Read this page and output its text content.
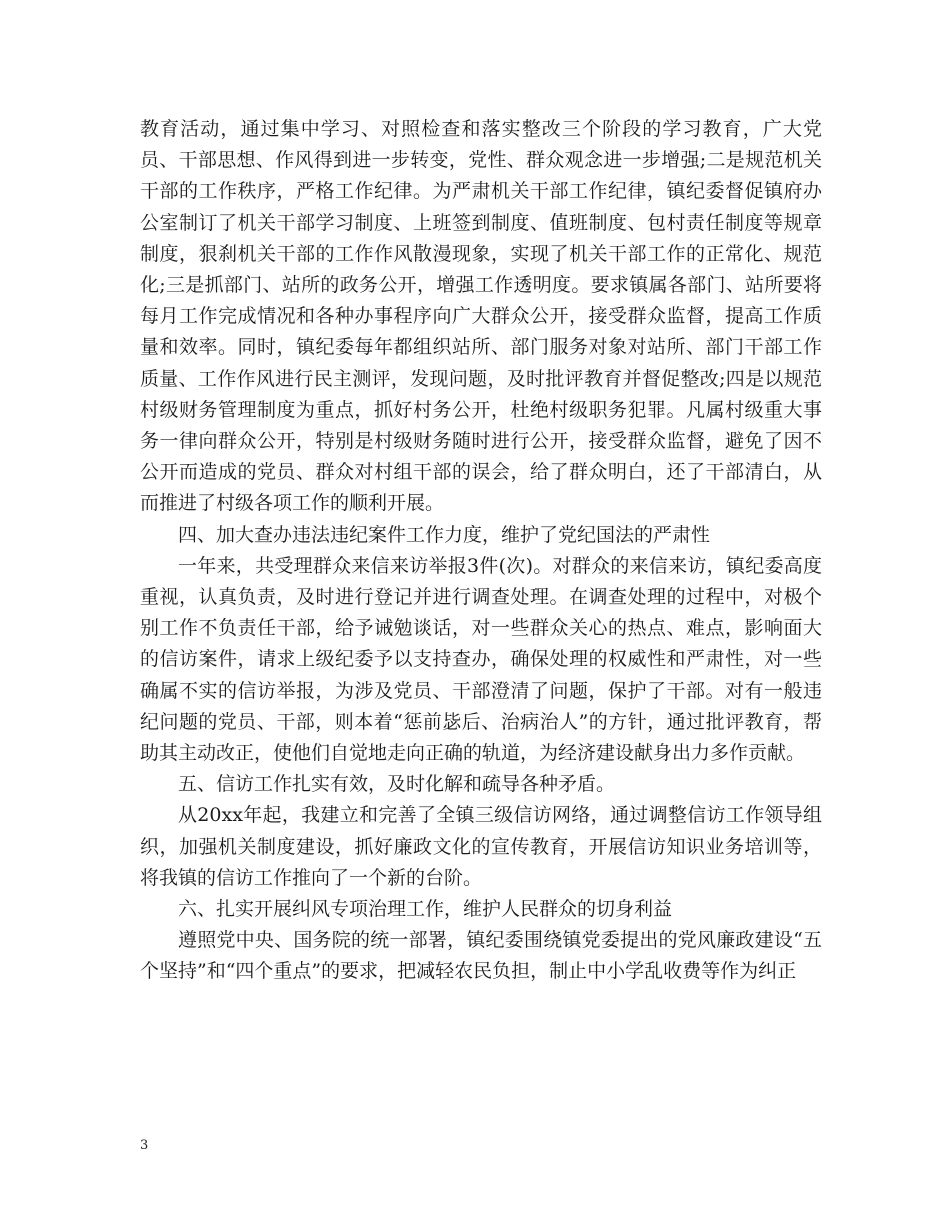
教育活动，通过集中学习、对照检查和落实整改三个阶段的学习教育，广大党员、干部思想、作风得到进一步转变，党性、群众观念进一步增强;二是规范机关干部的工作秩序，严格工作纪律。为严肃机关干部工作纪律，镇纪委督促镇府办公室制订了机关干部学习制度、上班签到制度、值班制度、包村责任制度等规章制度，狠刹机关干部的工作作风散漫现象，实现了机关干部工作的正常化、规范化;三是抓部门、站所的政务公开，增强工作透明度。要求镇属各部门、站所要将每月工作完成情况和各种办事程序向广大群众公开，接受群众监督，提高工作质量和效率。同时，镇纪委每年都组织站所、部门服务对象对站所、部门干部工作质量、工作作风进行民主测评，发现问题，及时批评教育并督促整改;四是以规范村级财务管理制度为重点，抓好村务公开，杜绝村级职务犯罪。凡属村级重大事务一律向群众公开，特别是村级财务随时进行公开，接受群众监督，避免了因不公开而造成的党员、群众对村组干部的误会，给了群众明白，还了干部清白，从而推进了村级各项工作的顺利开展。

四、加大查办违法违纪案件工作力度，维护了党纪国法的严肃性

一年来，共受理群众来信来访举报3件(次)。对群众的来信来访，镇纪委高度重视，认真负责，及时进行登记并进行调查处理。在调查处理的过程中，对极个别工作不负责任干部，给予诫勉谈话，对一些群众关心的热点、难点，影响面大的信访案件，请求上级纪委予以支持查办，确保处理的权威性和严肃性，对一些确属不实的信访举报，为涉及党员、干部澄清了问题，保护了干部。对有一般违纪问题的党员、干部，则本着“惩前毖后、治病治人”的方针，通过批评教育，帮助其主动改正，使他们自觉地走向正确的轨道，为经济建设献身出力多作贡献。

五、信访工作扎实有效，及时化解和疏导各种矛盾。

从20xx年起，我建立和完善了全镇三级信访网络，通过调整信访工作领导组织，加强机关制度建设，抓好廉政文化的宣传教育，开展信访知识业务培训等，将我镇的信访工作推向了一个新的台阶。

六、扎实开展纠风专项治理工作，维护人民群众的切身利益

遵照党中央、国务院的统一部署，镇纪委围绕镇党委提出的党风廉政建设“五个坚持”和“四个重点”的要求，把减轻农民负担，制止中小学乱收费等作为纠正

3
